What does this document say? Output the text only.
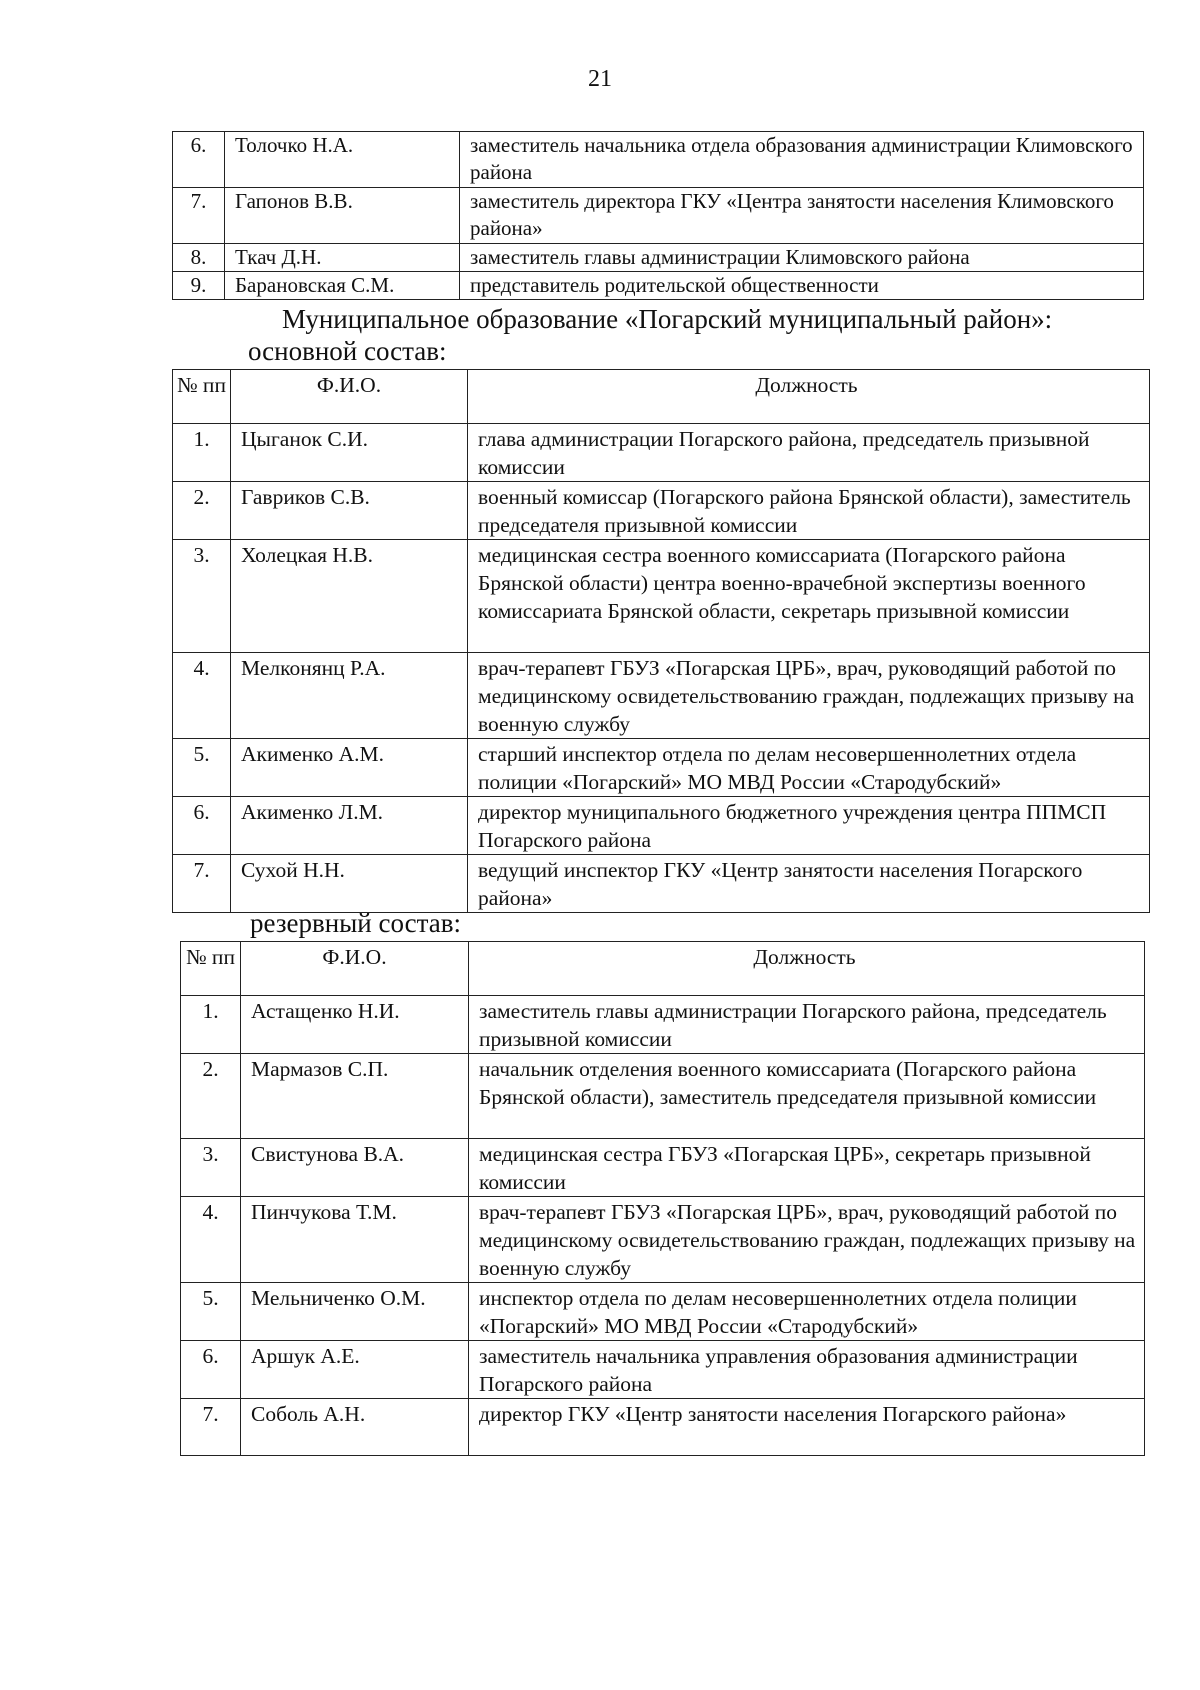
21
6.	Толочко Н.А.	заместитель начальника отдела образования администрации Климовского района
7.	Гапонов В.В.	заместитель директора ГКУ «Центра занятости населения Климовского района»
8.	Ткач Д.Н.	заместитель главы администрации Климовского района
9.	Барановская С.М.	представитель родительской общественности
Муниципальное образование «Погарский муниципальный район»:
основной состав:
№ пп	Ф.И.О.	Должность
1.	Цыганок С.И.	глава администрации Погарского района, председатель призывной комиссии
2.	Гавриков С.В.	военный комиссар (Погарского района Брянской области), заместитель председателя призывной комиссии
3.	Холецкая Н.В.	медицинская сестра военного комиссариата (Погарского района Брянской области) центра военно-врачебной экспертизы военного комиссариата Брянской области, секретарь призывной комиссии
4.	Мелконянц Р.А.	врач-терапевт ГБУЗ «Погарская ЦРБ», врач, руководящий работой по медицинскому освидетельствованию граждан, подлежащих призыву на военную службу
5.	Акименко А.М.	старший инспектор отдела по делам несовершеннолетних отдела полиции «Погарский» МО МВД России «Стародубский»
6.	Акименко Л.М.	директор муниципального бюджетного учреждения центра ППМСП Погарского района
7.	Сухой Н.Н.	ведущий инспектор ГКУ «Центр занятости населения Погарского района»
резервный состав:
№ пп	Ф.И.О.	Должность
1.	Астащенко Н.И.	заместитель главы администрации Погарского района, председатель призывной комиссии
2.	Мармазов С.П.	начальник отделения военного комиссариата (Погарского района Брянской области), заместитель председателя призывной комиссии
3.	Свистунова В.А.	медицинская сестра ГБУЗ «Погарская ЦРБ», секретарь призывной комиссии
4.	Пинчукова Т.М.	врач-терапевт ГБУЗ «Погарская ЦРБ», врач, руководящий работой по медицинскому освидетельствованию граждан, подлежащих призыву на военную службу
5.	Мельниченко О.М.	инспектор отдела по делам несовершеннолетних отдела полиции «Погарский» МО МВД России «Стародубский»
6.	Аршук А.Е.	заместитель начальника управления образования администрации Погарского района
7.	Соболь А.Н.	директор ГКУ «Центр занятости населения Погарского района»
